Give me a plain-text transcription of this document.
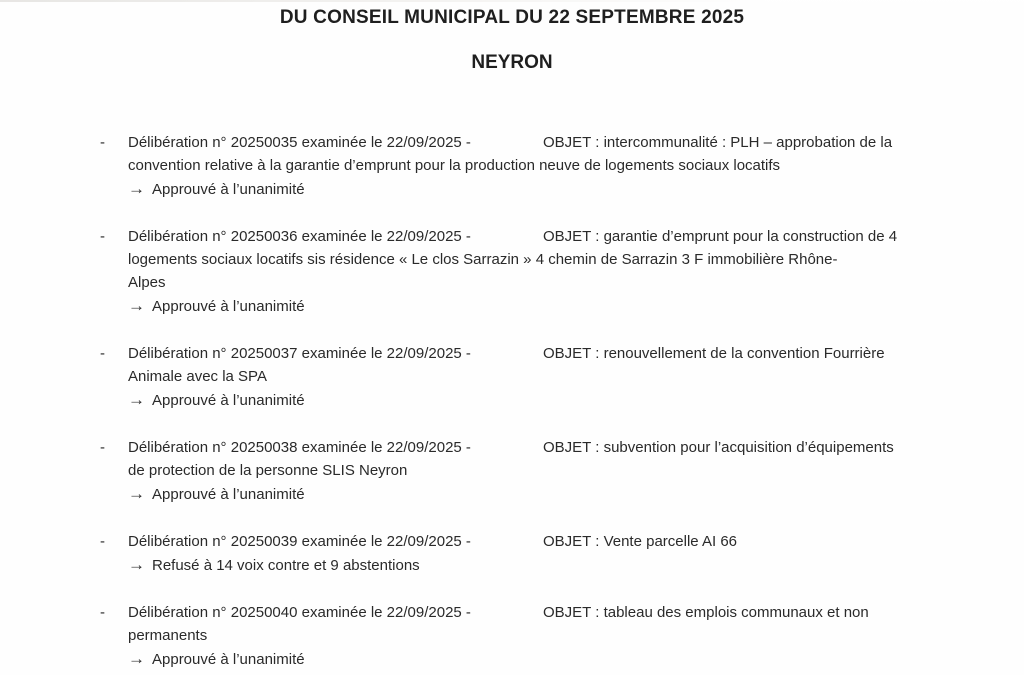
DU CONSEIL MUNICIPAL DU 22 SEPTEMBRE 2025
NEYRON
-	Délibération n° 20250035 examinée le 22/09/2025 -	OBJET : intercommunalité : PLH – approbation de la
convention relative à la garantie d’emprunt pour la production neuve de logements sociaux locatifs
→ Approuvé à l’unanimité
-	Délibération n° 20250036 examinée le 22/09/2025 -	OBJET : garantie d’emprunt pour la construction de 4
logements sociaux locatifs sis résidence « Le clos Sarrazin » 4 chemin de Sarrazin 3 F immobilière Rhône-
Alpes
→ Approuvé à l’unanimité
-	Délibération n° 20250037 examinée le 22/09/2025 -	OBJET : renouvellement de la convention Fourrière
Animale avec la SPA
→ Approuvé à l’unanimité
-	Délibération n° 20250038 examinée le 22/09/2025 -	OBJET : subvention pour l’acquisition d’équipements
de protection de la personne SLIS Neyron
→ Approuvé à l’unanimité
-	Délibération n° 20250039 examinée le 22/09/2025 -	OBJET : Vente parcelle AI 66
→ Refusé à 14 voix contre et 9 abstentions
-	Délibération n° 20250040 examinée le 22/09/2025 -	OBJET : tableau des emplois communaux et non
permanents
→ Approuvé à l’unanimité
